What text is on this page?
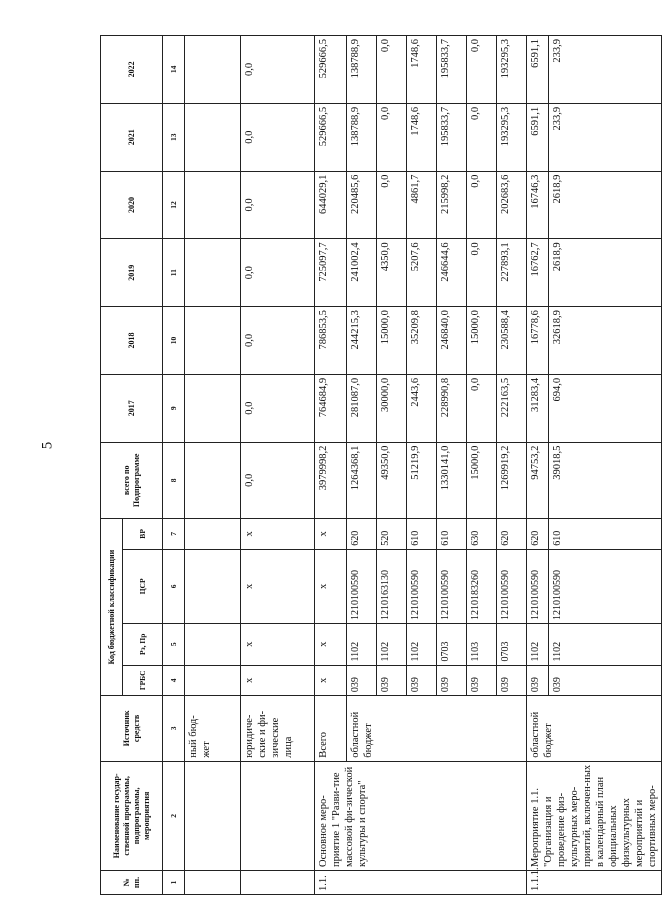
5
№ пп.	Наименование государ-ственной программы, подпрограммы, мероприятия	Источник средств	Код бюджетной классификации				всего по Подпрограмме	2017	2018	2019	2020	2021	2022
			ГРБС	Рз, Пр	ЦСР	ВР							
1	2	3	4	5	6	7	8	9	10	11	12	13	14
		ный бюд-жет											
		юридиче-ские и фи-зические лица	х	х	х	х	0,0	0,0	0,0	0,0	0,0	0,0	0,0
1.1.	Основное меро-приятие 1 "Разви-тие массовой фи-зической культуры и спорта"	Всего	х	х	х	х	3979998,2	764684,9	786853,5	725097,7	644029,1	529666,5	529666,5
		областной бюджет	039	1102	1210100590	620	1264368,1	281087,0	244215,3	241002,4	220485,6	138788,9	138788,9
			039	1102	1210163130	520	49350,0	30000,0	15000,0	4350,0	0,0	0,0	0,0
			039	1102	1210100590	610	51219,9	2443,6	35209,8	5207,6	4861,7	1748,6	1748,6
			039	0703	1210100590	610	1330141,0	228990,8	246840,0	246644,6	215998,2	195833,7	195833,7
			039	1103	1210183260	630	15000,0	0,0	15000,0	0,0	0,0	0,0	0,0
			039	0703	1210100590	620	1269919,2	222163,5	230588,4	227893,1	202683,6	193295,3	193295,3
1.1.1.	Мероприятие 1.1. "Организация и проведение физ-культурных меро-приятий, включен-ных в календарный план официальных физкультурных мероприятий и спортивных меро-	областной бюджет	039	1102	1210100590	620	94753,2	31283,4	16778,6	16762,7	16746,3	6591,1	6591,1
			039	1102	1210100590	610	39018,5	694,0	32618,9	2618,9	2618,9	233,9	233,9
